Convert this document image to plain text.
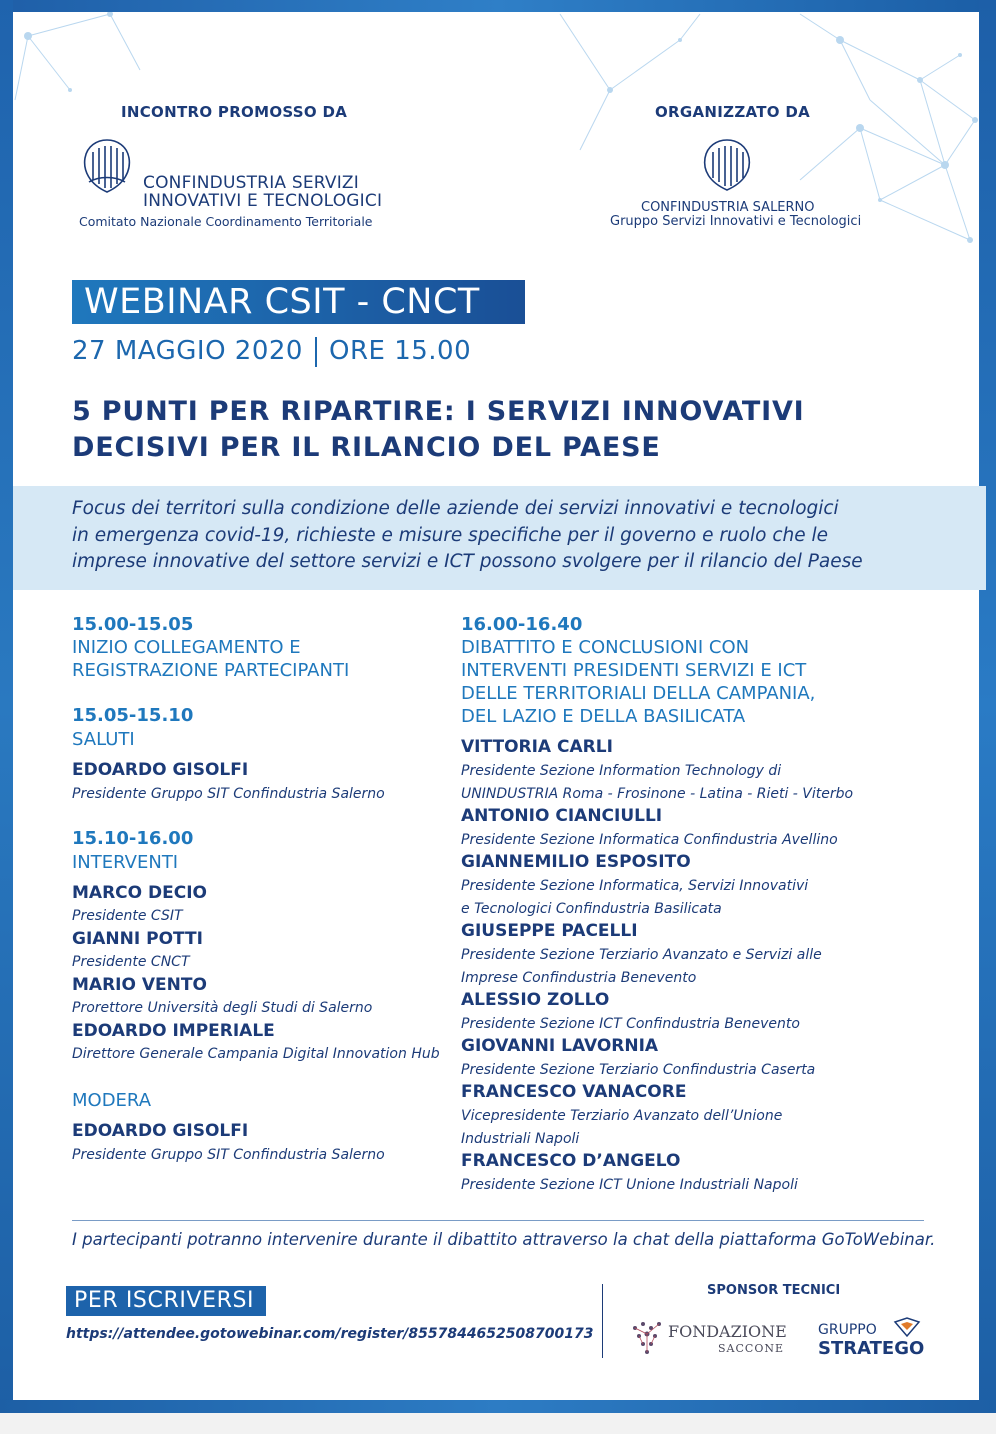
INCONTRO PROMOSSO DA	ORGANIZZATO DA
CONFINDUSTRIA SERVIZI
INNOVATIVI E TECNOLOGICI
Comitato Nazionale Coordinamento Territoriale
CONFINDUSTRIA SALERNO
Gruppo Servizi Innovativi e Tecnologici
WEBINAR CSIT - CNCT
27 MAGGIO 2020 ORE 15.00
5 PUNTI PER RIPARTIRE: I SERVIZI INNOVATIVI
DECISIVI PER IL RILANCIO DEL PAESE
Focus dei territori sulla condizione delle aziende dei servizi innovativi e tecnologici
in emergenza covid-19, richieste e misure specifiche per il governo e ruolo che le
imprese innovative del settore servizi e ICT possono svolgere per il rilancio del Paese
15.00-15.05
INIZIO COLLEGAMENTO E
REGISTRAZIONE PARTECIPANTI
15.05-15.10
SALUTI
EDOARDO GISOLFI
Presidente Gruppo SIT Confindustria Salerno
15.10-16.00
INTERVENTI
MARCO DECIO
Presidente CSIT
GIANNI POTTI
Presidente CNCT
MARIO VENTO
Prorettore Università degli Studi di Salerno
EDOARDO IMPERIALE
Direttore Generale Campania Digital Innovation Hub
MODERA
EDOARDO GISOLFI
Presidente Gruppo SIT Confindustria Salerno
16.00-16.40
DIBATTITO E CONCLUSIONI CON
INTERVENTI PRESIDENTI SERVIZI E ICT
DELLE TERRITORIALI DELLA CAMPANIA,
DEL LAZIO E DELLA BASILICATA
VITTORIA CARLI
Presidente Sezione Information Technology di
UNINDUSTRIA Roma - Frosinone - Latina - Rieti - Viterbo
ANTONIO CIANCIULLI
Presidente Sezione Informatica Confindustria Avellino
GIANNEMILIO ESPOSITO
Presidente Sezione Informatica, Servizi Innovativi
e Tecnologici Confindustria Basilicata
GIUSEPPE PACELLI
Presidente Sezione Terziario Avanzato e Servizi alle
Imprese Confindustria Benevento
ALESSIO ZOLLO
Presidente Sezione ICT Confindustria Benevento
GIOVANNI LAVORNIA
Presidente Sezione Terziario Confindustria Caserta
FRANCESCO VANACORE
Vicepresidente Terziario Avanzato dell’Unione
Industriali Napoli
FRANCESCO D’ANGELO
Presidente Sezione ICT Unione Industriali Napoli
I partecipanti potranno intervenire durante il dibattito attraverso la chat della piattaforma GoToWebinar.
PER ISCRIVERSI
https://attendee.gotowebinar.com/register/8557844652508700173
SPONSOR TECNICI
FONDAZIONE
SACCONE
GRUPPO
STRATEGO
